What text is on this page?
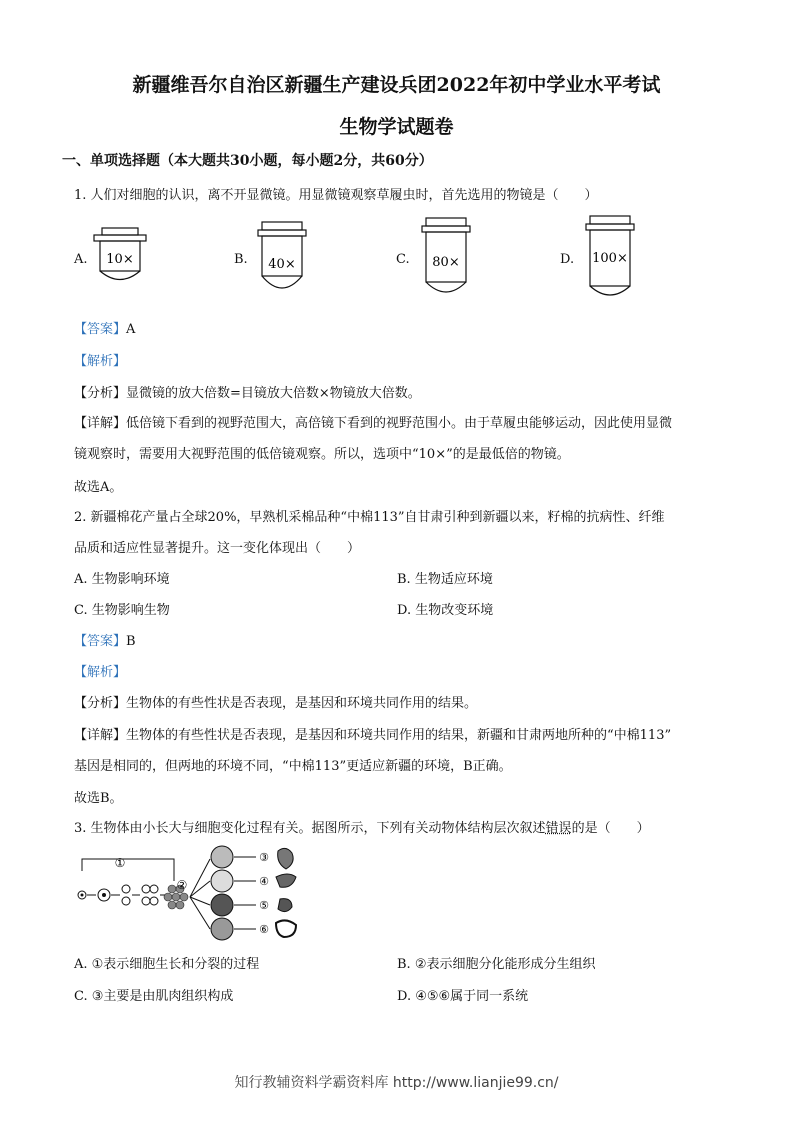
新疆维吾尔自治区新疆生产建设兵团2022年初中学业水平考试
生物学试题卷
一、单项选择题（本大题共30小题，每小题2分，共60分）
1. 人们对细胞的认识，离不开显微镜。用显微镜观察草履虫时，首先选用的物镜是（　　）
A. 10×	B. 40×	C. 80×	D. 100×
【答案】A
【解析】
【分析】显微镜的放大倍数=目镜放大倍数×物镜放大倍数。
【详解】低倍镜下看到的视野范围大，高倍镜下看到的视野范围小。由于草履虫能够运动，因此使用显微
镜观察时，需要用大视野范围的低倍镜观察。所以，选项中“10×”的是最低倍的物镜。
故选A。
2. 新疆棉花产量占全球20%，早熟机采棉品种“中棉113”自甘肃引种到新疆以来，籽棉的抗病性、纤维
品质和适应性显著提升。这一变化体现出（　　）
A. 生物影响环境	B. 生物适应环境
C. 生物影响生物	D. 生物改变环境
【答案】B
【解析】
【分析】生物体的有些性状是否表现，是基因和环境共同作用的结果。
【详解】生物体的有些性状是否表现，是基因和环境共同作用的结果，新疆和甘肃两地所种的“中棉113”
基因是相同的，但两地的环境不同，“中棉113”更适应新疆的环境，B正确。
故选B。
3. 生物体由小长大与细胞变化过程有关。据图所示，下列有关动物体结构层次叙述错误的是（　　）
①
②
③
④
⑤
⑥
A. ①表示细胞生长和分裂的过程	B. ②表示细胞分化能形成分生组织
C. ③主要是由肌肉组织构成	D. ④⑤⑥属于同一系统
知行教辅资料学霸资料库 http://www.lianjie99.cn/
